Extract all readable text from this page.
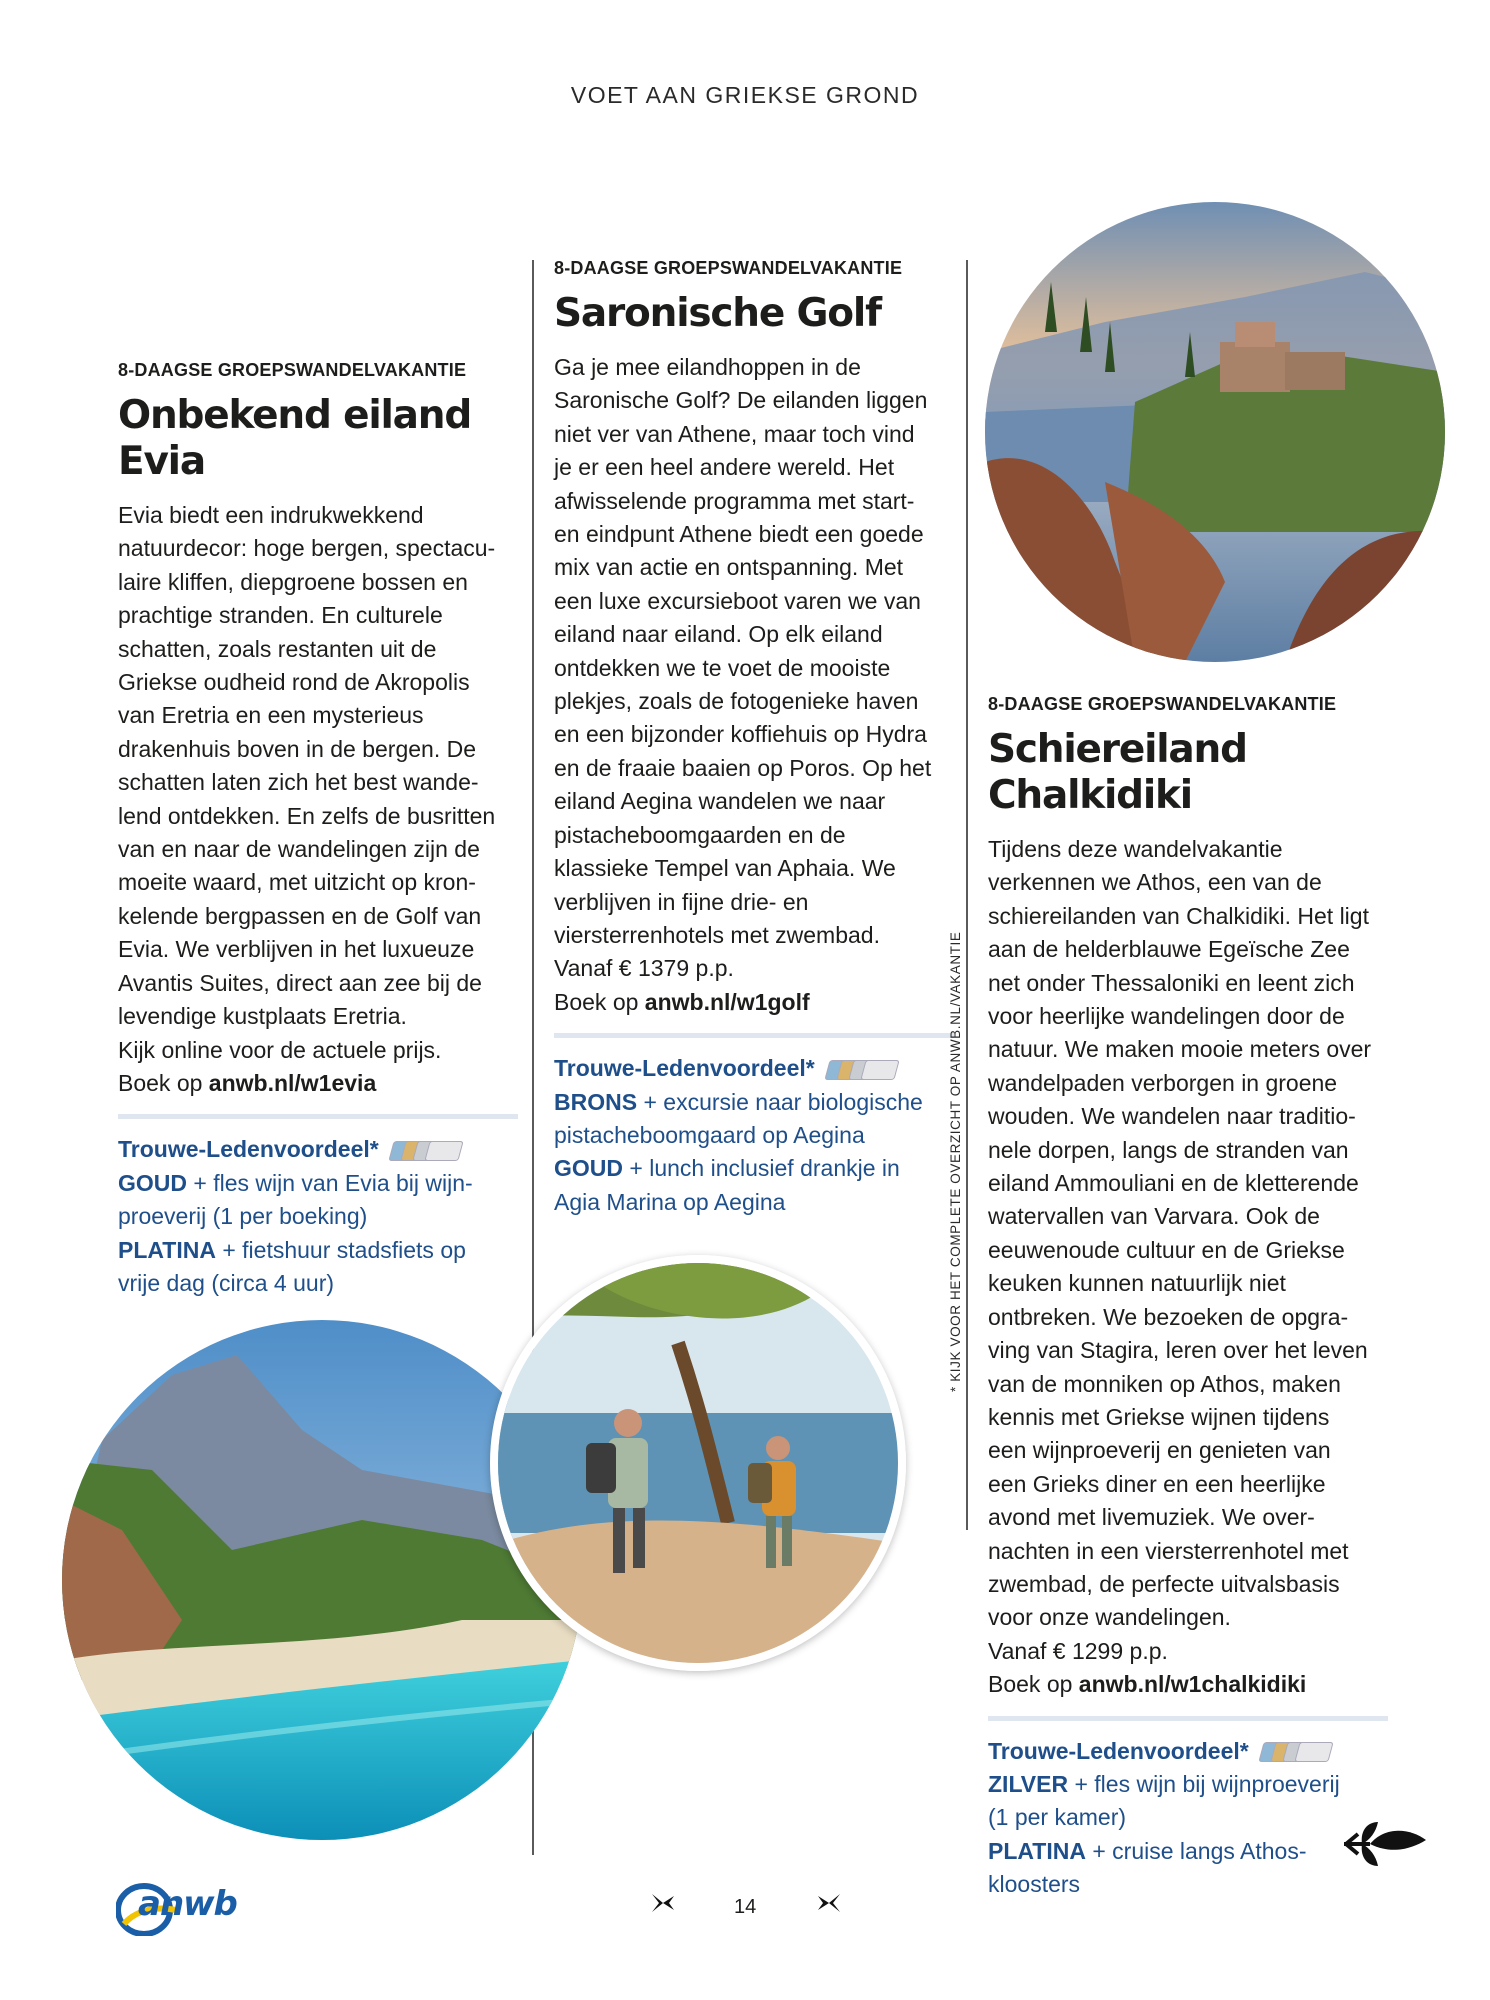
VOET AAN GRIEKSE GROND

8-DAAGSE GROEPSWANDELVAKANTIE

Onbekend eiland Evia

Evia biedt een indrukwekkend

natuurdecor: hoge bergen, spectacu-

laire kliffen, diepgroene bossen en

prachtige stranden. En culturele

schatten, zoals restanten uit de

Griekse oudheid rond de Akropolis

van Eretria en een mysterieus

drakenhuis boven in de bergen. De

schatten laten zich het best wande-

lend ontdekken. En zelfs de busritten

van en naar de wandelingen zijn de

moeite waard, met uitzicht op kron-

kelende bergpassen en de Golf van

Evia. We verblijven in het luxueuze

Avantis Suites, direct aan zee bij de

levendige kustplaats Eretria.

Kijk online voor de actuele prijs.

Boek op anwb.nl/w1evia

Trouwe-Ledenvoordeel*

GOUD + fles wijn van Evia bij wijn-

proeverij (1 per boeking)

PLATINA + fietshuur stadsfiets op

vrije dag (circa 4 uur)

8-DAAGSE GROEPSWANDELVAKANTIE

Saronische Golf

Ga je mee eilandhoppen in de

Saronische Golf? De eilanden liggen

niet ver van Athene, maar toch vind

je er een heel andere wereld. Het

afwisselende programma met start-

en eindpunt Athene biedt een goede

mix van actie en ontspanning. Met

een luxe excursieboot varen we van

eiland naar eiland. Op elk eiland

ontdekken we te voet de mooiste

plekjes, zoals de fotogenieke haven

en een bijzonder koffiehuis op Hydra

en de fraaie baaien op Poros. Op het

eiland Aegina wandelen we naar

pistacheboomgaarden en de

klassieke Tempel van Aphaia. We

verblijven in fijne drie- en

viersterrenhotels met zwembad.

Vanaf € 1379 p.p.

Boek op anwb.nl/w1golf

Trouwe-Ledenvoordeel*

BRONS + excursie naar biologische

pistacheboomgaard op Aegina

GOUD + lunch inclusief drankje in

Agia Marina op Aegina

8-DAAGSE GROEPSWANDELVAKANTIE

Schiereiland Chalkidiki

Tijdens deze wandelvakantie

verkennen we Athos, een van de

schiereilanden van Chalkidiki. Het ligt

aan de helderblauwe Egeïsche Zee

net onder Thessaloniki en leent zich

voor heerlijke wandelingen door de

natuur. We maken mooie meters over

wandelpaden verborgen in groene

wouden. We wandelen naar traditio-

nele dorpen, langs de stranden van

eiland Ammouliani en de kletterende

watervallen van Varvara. Ook de

eeuwenoude cultuur en de Griekse

keuken kunnen natuurlijk niet

ontbreken. We bezoeken de opgra-

ving van Stagira, leren over het leven

van de monniken op Athos, maken

kennis met Griekse wijnen tijdens

een wijnproeverij en genieten van

een Grieks diner en een heerlijke

avond met livemuziek. We over-

nachten in een viersterrenhotel met

zwembad, de perfecte uitvalsbasis

voor onze wandelingen.

Vanaf € 1299 p.p.

Boek op anwb.nl/w1chalkidiki

Trouwe-Ledenvoordeel*

ZILVER + fles wijn bij wijnproeverij

(1 per kamer)

PLATINA + cruise langs Athos-

kloosters

* KIJK VOOR HET COMPLETE OVERZICHT OP ANWB.NL/VAKANTIE
anwb	14
